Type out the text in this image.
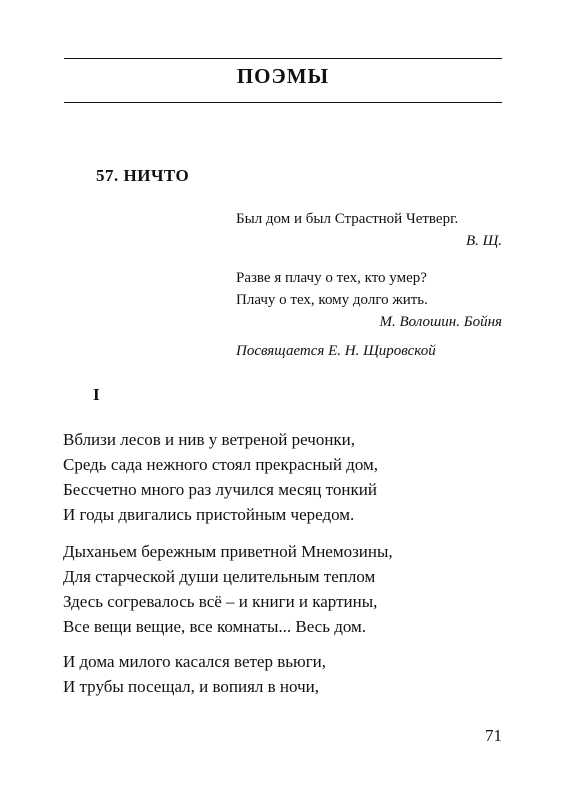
ПОЭМЫ
57. НИЧТО
Был дом и был Страстной Четверг.
В. Щ.
Разве я плачу о тех, кто умер?
Плачу о тех, кому долго жить.
М. Волошин. Бойня
Посвящается Е. Н. Щировской
I
Вблизи лесов и нив у ветреной речонки,
Средь сада нежного стоял прекрасный дом,
Бессчетно много раз лучился месяц тонкий
И годы двигались пристойным чередом.
Дыханьем бережным приветной Мнемозины,
Для старческой души целительным теплом
Здесь согревалось всё – и книги и картины,
Все вещи вещие, все комнаты... Весь дом.
И дома милого касался ветер вьюги,
И трубы посещал, и вопиял в ночи,
71
